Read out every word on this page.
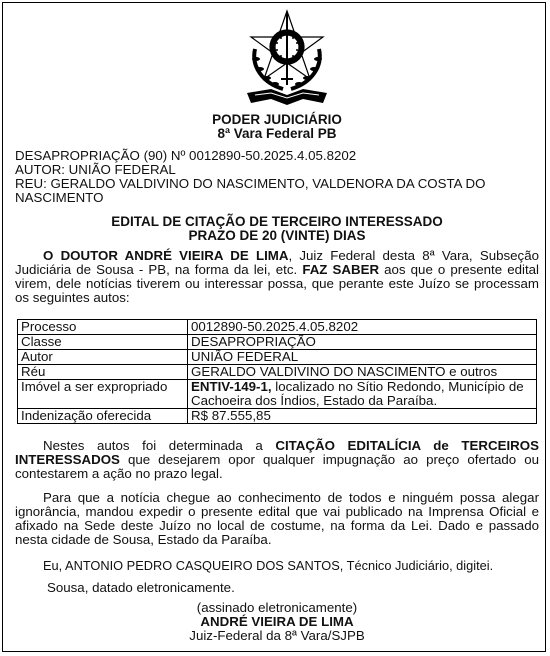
PODER JUDICIÁRIO
8ª Vara Federal PB
DESAPROPRIAÇÃO (90) Nº 0012890-50.2025.4.05.8202
AUTOR: UNIÃO FEDERAL
REU: GERALDO VALDIVINO DO NASCIMENTO, VALDENORA DA COSTA DO
NASCIMENTO
EDITAL DE CITAÇÃO DE TERCEIRO INTERESSADO
PRAZO DE 20 (VINTE) DIAS
O DOUTOR ANDRÉ VIEIRA DE LIMA, Juiz Federal desta 8ª Vara, Subseção Judiciária de Sousa - PB, na forma da lei, etc. FAZ SABER aos que o presente edital virem, dele notícias tiverem ou interessar possa, que perante este Juízo se processam os seguintes autos:
Processo	0012890-50.2025.4.05.8202
Classe	DESAPROPRIAÇÃO
Autor	UNIÃO FEDERAL
Réu	GERALDO VALDIVINO DO NASCIMENTO e outros
Imóvel a ser expropriado	ENTIV-149-1, localizado no Sítio Redondo, Município de Cachoeira dos Índios, Estado da Paraíba.
Indenização oferecida	R$ 87.555,85
Nestes autos foi determinada a CITAÇÃO EDITALÍCIA de TERCEIROS INTERESSADOS que desejarem opor qualquer impugnação ao preço ofertado ou contestarem a ação no prazo legal.
Para que a notícia chegue ao conhecimento de todos e ninguém possa alegar ignorância, mandou expedir o presente edital que vai publicado na Imprensa Oficial e afixado na Sede deste Juízo no local de costume, na forma da Lei. Dado e passado nesta cidade de Sousa, Estado da Paraíba.
Eu, ANTONIO PEDRO CASQUEIRO DOS SANTOS, Técnico Judiciário, digitei.
Sousa, datado eletronicamente.
(assinado eletronicamente)
ANDRÉ VIEIRA DE LIMA
Juiz-Federal da 8ª Vara/SJPB
